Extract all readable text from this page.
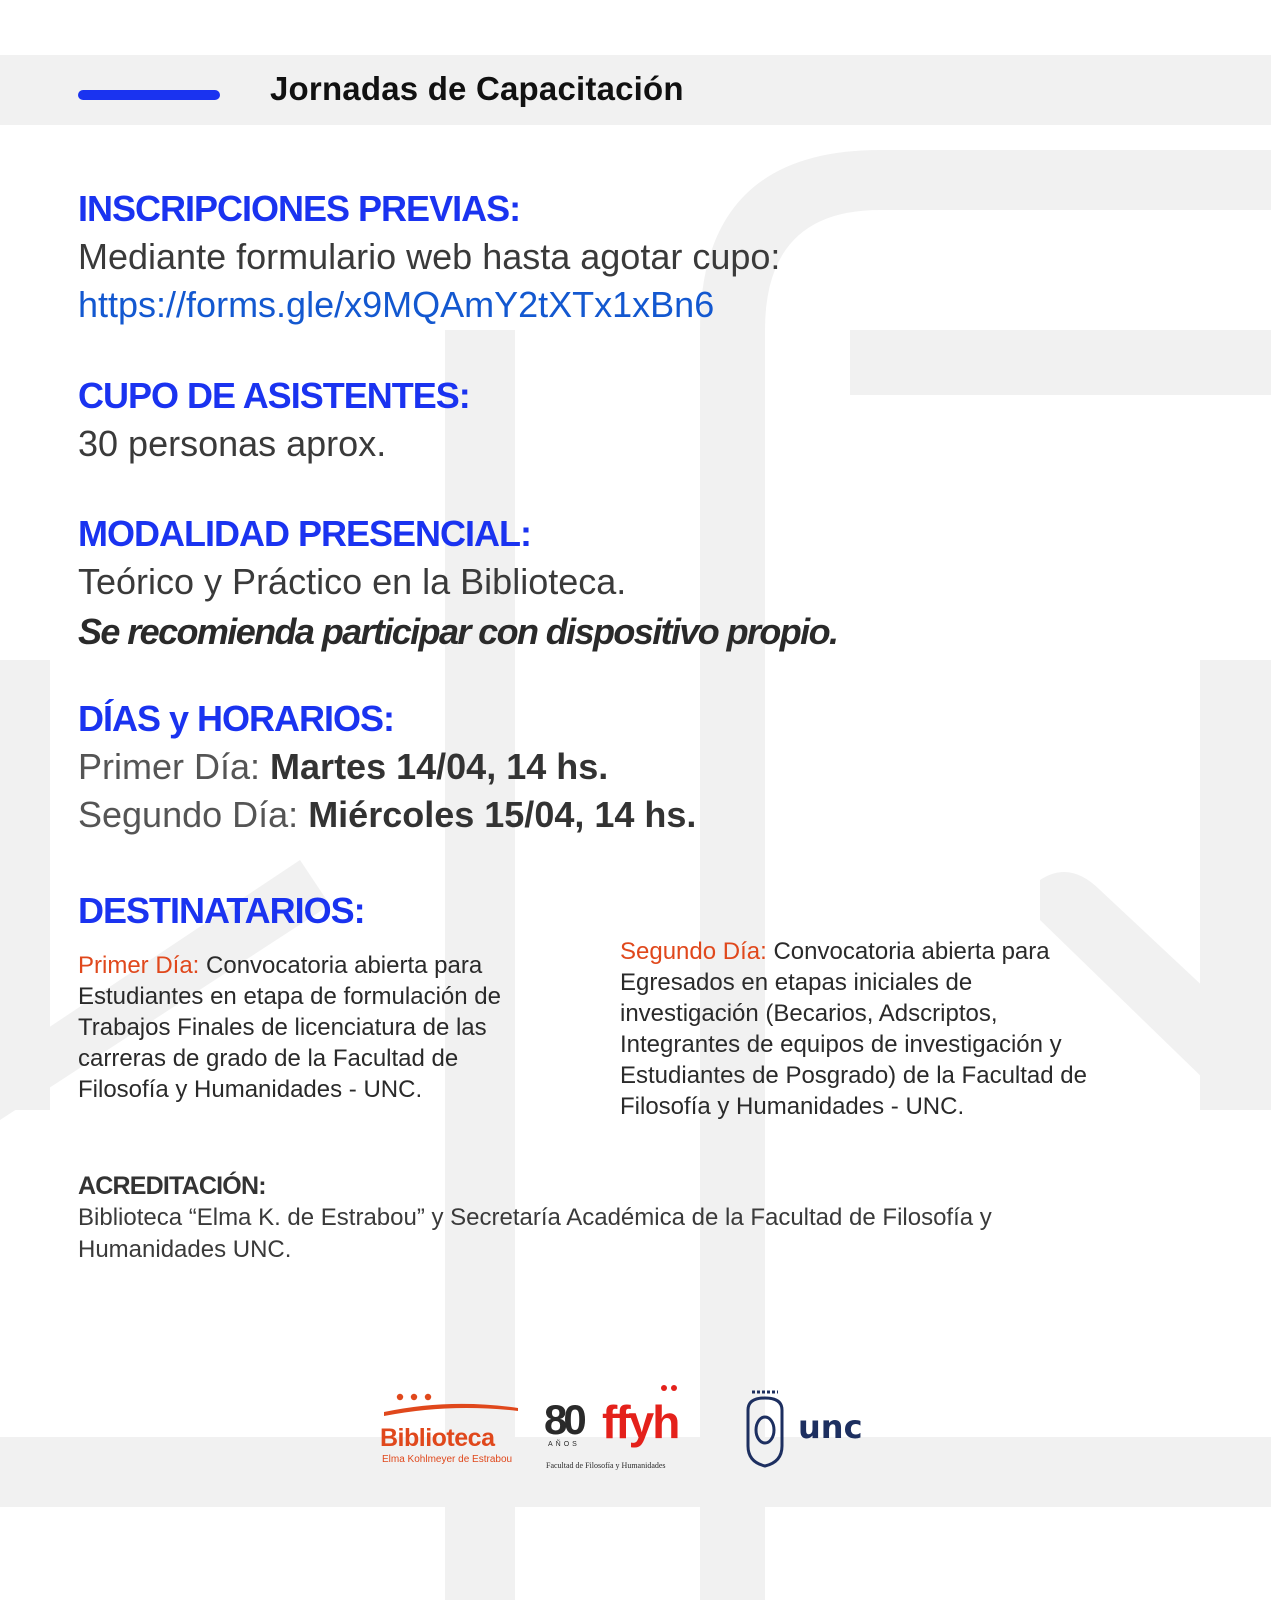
Jornadas de Capacitación
INSCRIPCIONES PREVIAS:
Mediante formulario web hasta agotar cupo:
https://forms.gle/x9MQAmY2tXTx1xBn6
CUPO DE ASISTENTES:
30 personas aprox.
MODALIDAD PRESENCIAL:
Teórico y Práctico en la Biblioteca.
Se recomienda participar con dispositivo propio.
DÍAS y HORARIOS:
Primer Día: Martes 14/04, 14 hs.
Segundo Día: Miércoles 15/04, 14 hs.
DESTINATARIOS:
Primer Día: Convocatoria abierta para
Estudiantes en etapa de formulación de
Trabajos Finales de licenciatura de las
carreras de grado de la Facultad de
Filosofía y Humanidades - UNC.
Segundo Día: Convocatoria abierta para
Egresados en etapas iniciales de
investigación (Becarios, Adscriptos,
Integrantes de equipos de investigación y
Estudiantes de Posgrado) de la Facultad de
Filosofía y Humanidades - UNC.
ACREDITACIÓN:
Biblioteca “Elma K. de Estrabou” y Secretaría Académica de la Facultad de Filosofía y
Humanidades UNC.
Biblioteca
Elma Kohlmeyer de Estrabou
80 ffyh
AÑOS
Facultad de Filosofía y Humanidades
unc
